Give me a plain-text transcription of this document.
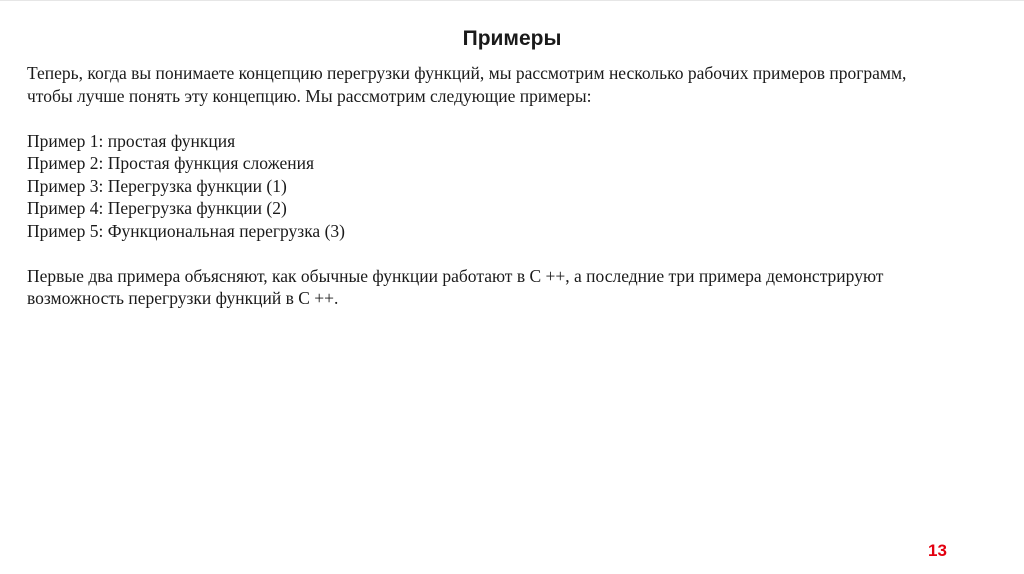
Примеры

Теперь, когда вы понимаете концепцию перегрузки функций, мы рассмотрим несколько рабочих примеров программ,
чтобы лучше понять эту концепцию. Мы рассмотрим следующие примеры:

Пример 1: простая функция
Пример 2: Простая функция сложения
Пример 3: Перегрузка функции (1)
Пример 4: Перегрузка функции (2)
Пример 5: Функциональная перегрузка (3)

Первые два примера объясняют, как обычные функции работают в C ++, а последние три примера демонстрируют
возможность перегрузки функций в C ++.

13
